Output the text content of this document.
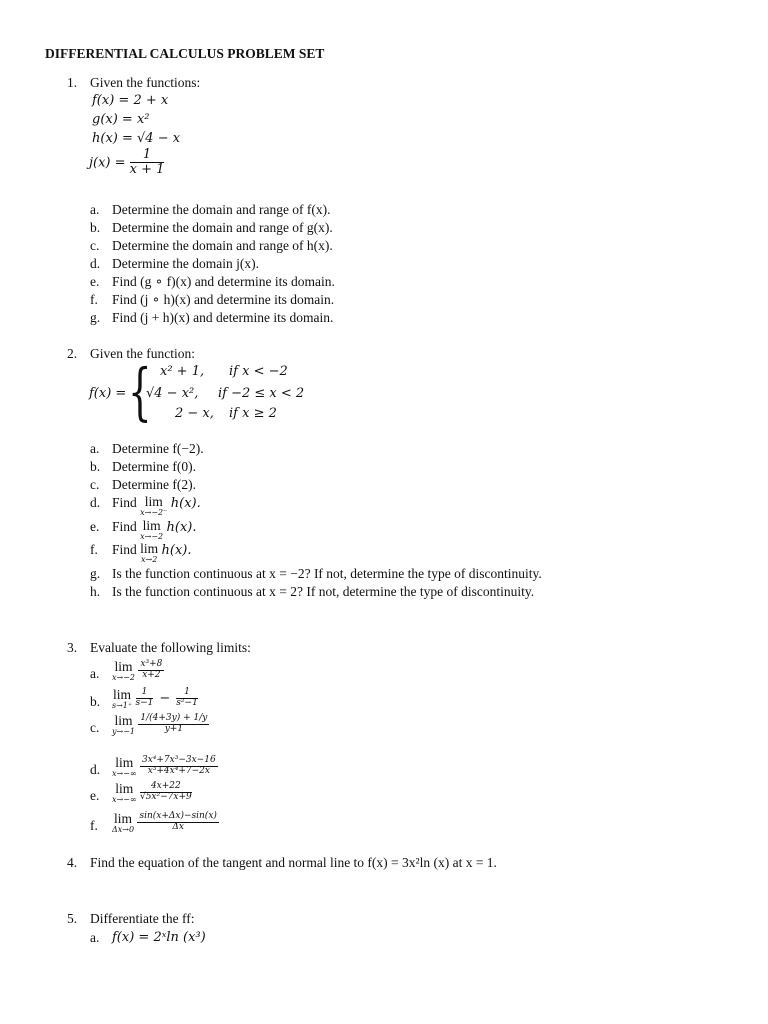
DIFFERENTIAL CALCULUS PROBLEM SET
1. Given the functions:
f(x) = 2 + x
g(x) = x²
h(x) = √4 − x
$j(x) = \frac{1}{x + 1}$
a. Determine the domain and range of f(x).
b. Determine the domain and range of g(x).
c. Determine the domain and range of h(x).
d. Determine the domain j(x).
e. Find (g ∘ f)(x) and determine its domain.
f. Find (j ∘ h)(x) and determine its domain.
g. Find (j + h)(x) and determine its domain.
2. Given the function:
f(x) = { x² + 1, if x < −2
√4 − x², if −2 ≤ x < 2
2 − x, if x ≥ 2
a. Determine f(−2).
b. Determine f(0).
c. Determine f(2).
d. Find lim
x→−2⁻
h(x).
e. Find lim
x→−2
h(x).
f. Find lim
x→2
h(x).
g. Is the function continuous at x = −2? If not, determine the type of discontinuity.
h. Is the function continuous at x = 2? If not, determine the type of discontinuity.
3. Evaluate the following limits:
a. lim
x→−2
$\frac{\text{x³+8}}{x+2}$
b. lim
s→1⁺
$\frac{1}{s-1} - \frac{1}{\text{s²−1}}$
c. lim
y→−1
$\frac{1/(4+3y) + 1/y}{y+1}$
d. lim
x→−∞
$\frac{\text{3x⁴+7x³−3x−16}}{\text{x³+4x⁴+7−2x}}$
e. lim
x→−∞
$\frac{4x+22}{\text{√5x²−7x+9}}$
f. lim
Δx→0
$\frac{\sin(x+\Delta x)-\sin(x)}{\Delta x}$
4. Find the equation of the tangent and normal line to f(x) = 3x²ln (x) at x = 1.
5. Differentiate the ff:
a. f(x) = 2ˣln (x³)
